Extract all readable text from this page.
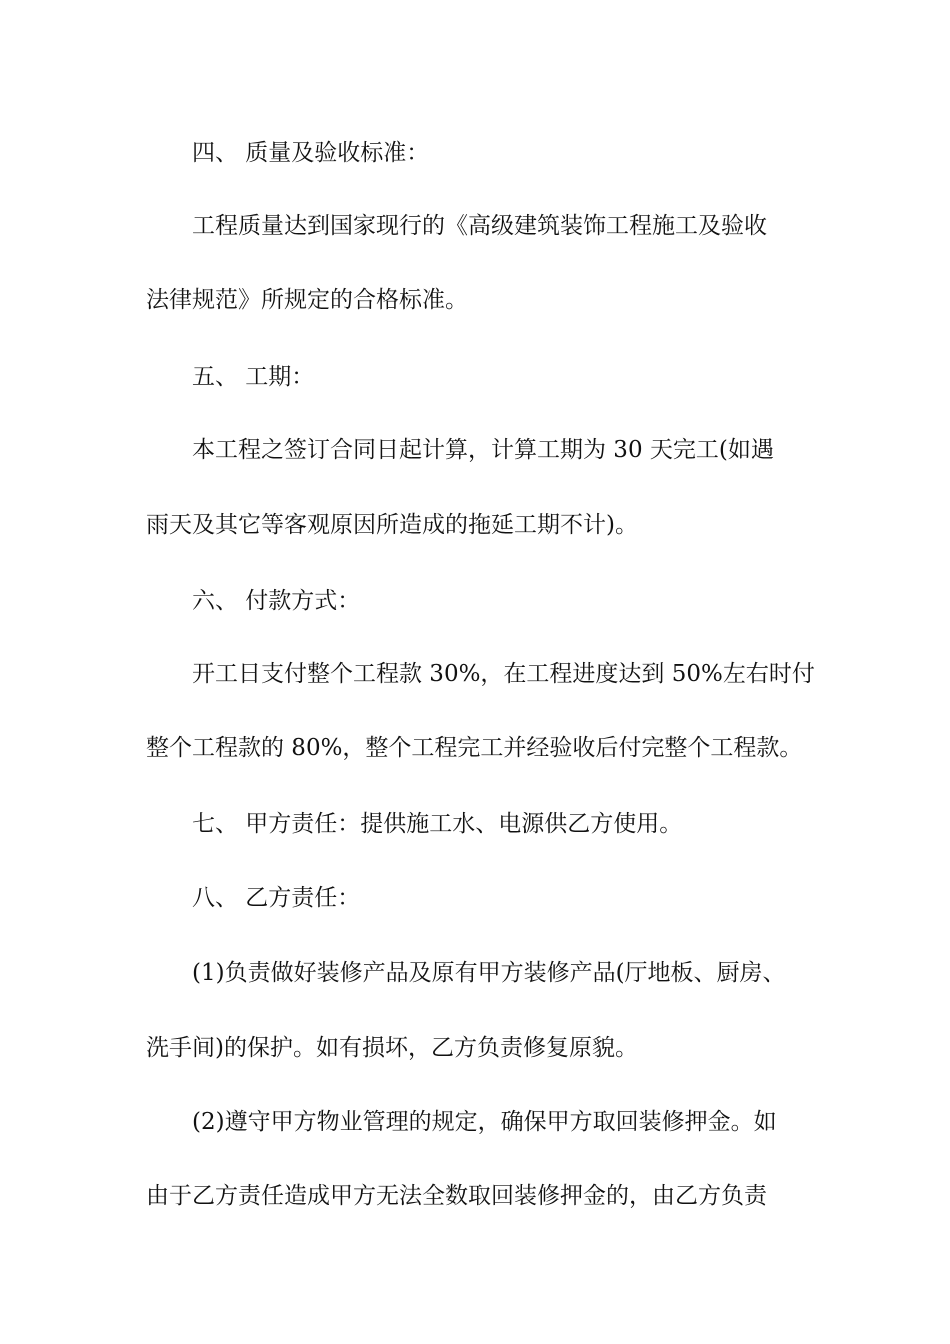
四、 质量及验收标准：
工程质量达到国家现行的《高级建筑装饰工程施工及验收
法律规范》所规定的合格标准。
五、 工期：
本工程之签订合同日起计算，计算工期为 30 天完工(如遇
雨天及其它等客观原因所造成的拖延工期不计)。
六、 付款方式：
开工日支付整个工程款 30%，在工程进度达到 50%左右时付
整个工程款的 80%，整个工程完工并经验收后付完整个工程款。
七、 甲方责任：提供施工水、电源供乙方使用。
八、 乙方责任：
(1)负责做好装修产品及原有甲方装修产品(厅地板、厨房、
洗手间)的保护。如有损坏，乙方负责修复原貌。
(2)遵守甲方物业管理的规定，确保甲方取回装修押金。如
由于乙方责任造成甲方无法全数取回装修押金的，由乙方负责
